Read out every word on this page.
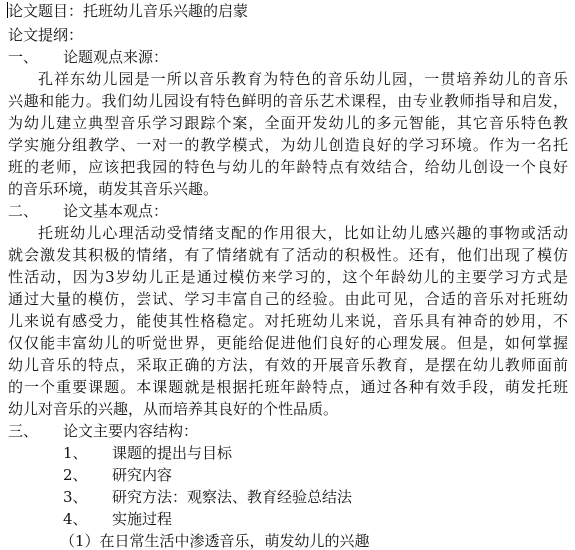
论文题目：托班幼儿音乐兴趣的启蒙
论文提纲：
一、 论题观点来源：
孔祥东幼儿园是一所以音乐教育为特色的音乐幼儿园，一贯培养幼儿的音乐
兴趣和能力。我们幼儿园设有特色鲜明的音乐艺术课程，由专业教师指导和启发，
为幼儿建立典型音乐学习跟踪个案，全面开发幼儿的多元智能，其它音乐特色教
学实施分组教学、一对一的教学模式，为幼儿创造良好的学习环境。作为一名托
班的老师，应该把我园的特色与幼儿的年龄特点有效结合，给幼儿创设一个良好
的音乐环境，萌发其音乐兴趣。
二、 论文基本观点：
托班幼儿心理活动受情绪支配的作用很大，比如让幼儿感兴趣的事物或活动
就会激发其积极的情绪，有了情绪就有了活动的积极性。还有，他们出现了模仿
性活动，因为3岁幼儿正是通过模仿来学习的，这个年龄幼儿的主要学习方式是
通过大量的模仿，尝试、学习丰富自己的经验。由此可见，合适的音乐对托班幼
儿来说有感受力，能使其性格稳定。对托班幼儿来说，音乐具有神奇的妙用，不
仅仅能丰富幼儿的听觉世界，更能给促进他们良好的心理发展。但是，如何掌握
幼儿音乐的特点，采取正确的方法，有效的开展音乐教育，是摆在幼儿教师面前
的一个重要课题。本课题就是根据托班年龄特点，通过各种有效手段，萌发托班
幼儿对音乐的兴趣，从而培养其良好的个性品质。
三、 论文主要内容结构：
1、 课题的提出与目标
2、 研究内容
3、 研究方法：观察法、教育经验总结法
4、 实施过程
（1）在日常生活中渗透音乐，萌发幼儿的兴趣
